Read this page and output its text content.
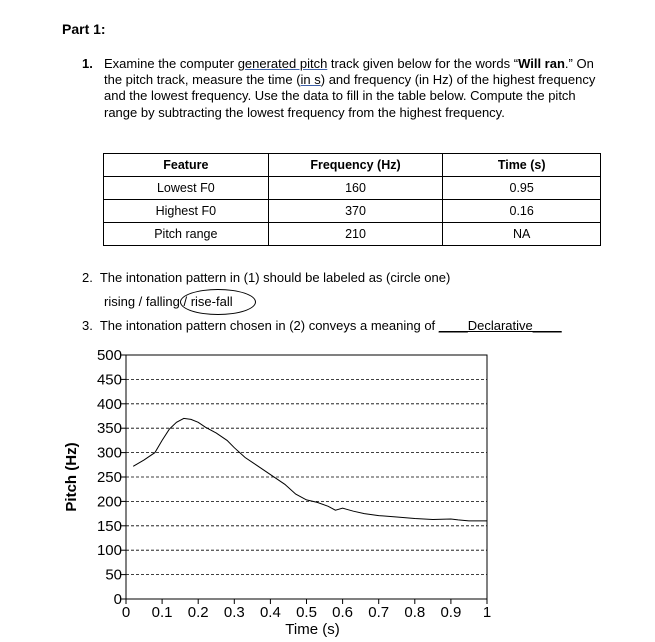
Part 1:
1. Examine the computer generated pitch track given below for the words “Will ran.” On the pitch track, measure the time (in s) and frequency (in Hz) of the highest frequency and the lowest frequency. Use the data to fill in the table below. Compute the pitch range by subtracting the lowest frequency from the highest frequency.
Feature	Frequency (Hz)	Time (s)
Lowest F0	160	0.95
Highest F0	370	0.16
Pitch range	210	NA
2. The intonation pattern in (1) should be labeled as (circle one)
rising / falling / rise-fall
3. The intonation pattern chosen in (2) conveys a meaning of ____Declarative____
0
50
100
150
200
250
300
350
400
450
500
0 0.1 0.2 0.3 0.4 0.5 0.6 0.7 0.8 0.9 1
Time (s)
Pitch (Hz)
